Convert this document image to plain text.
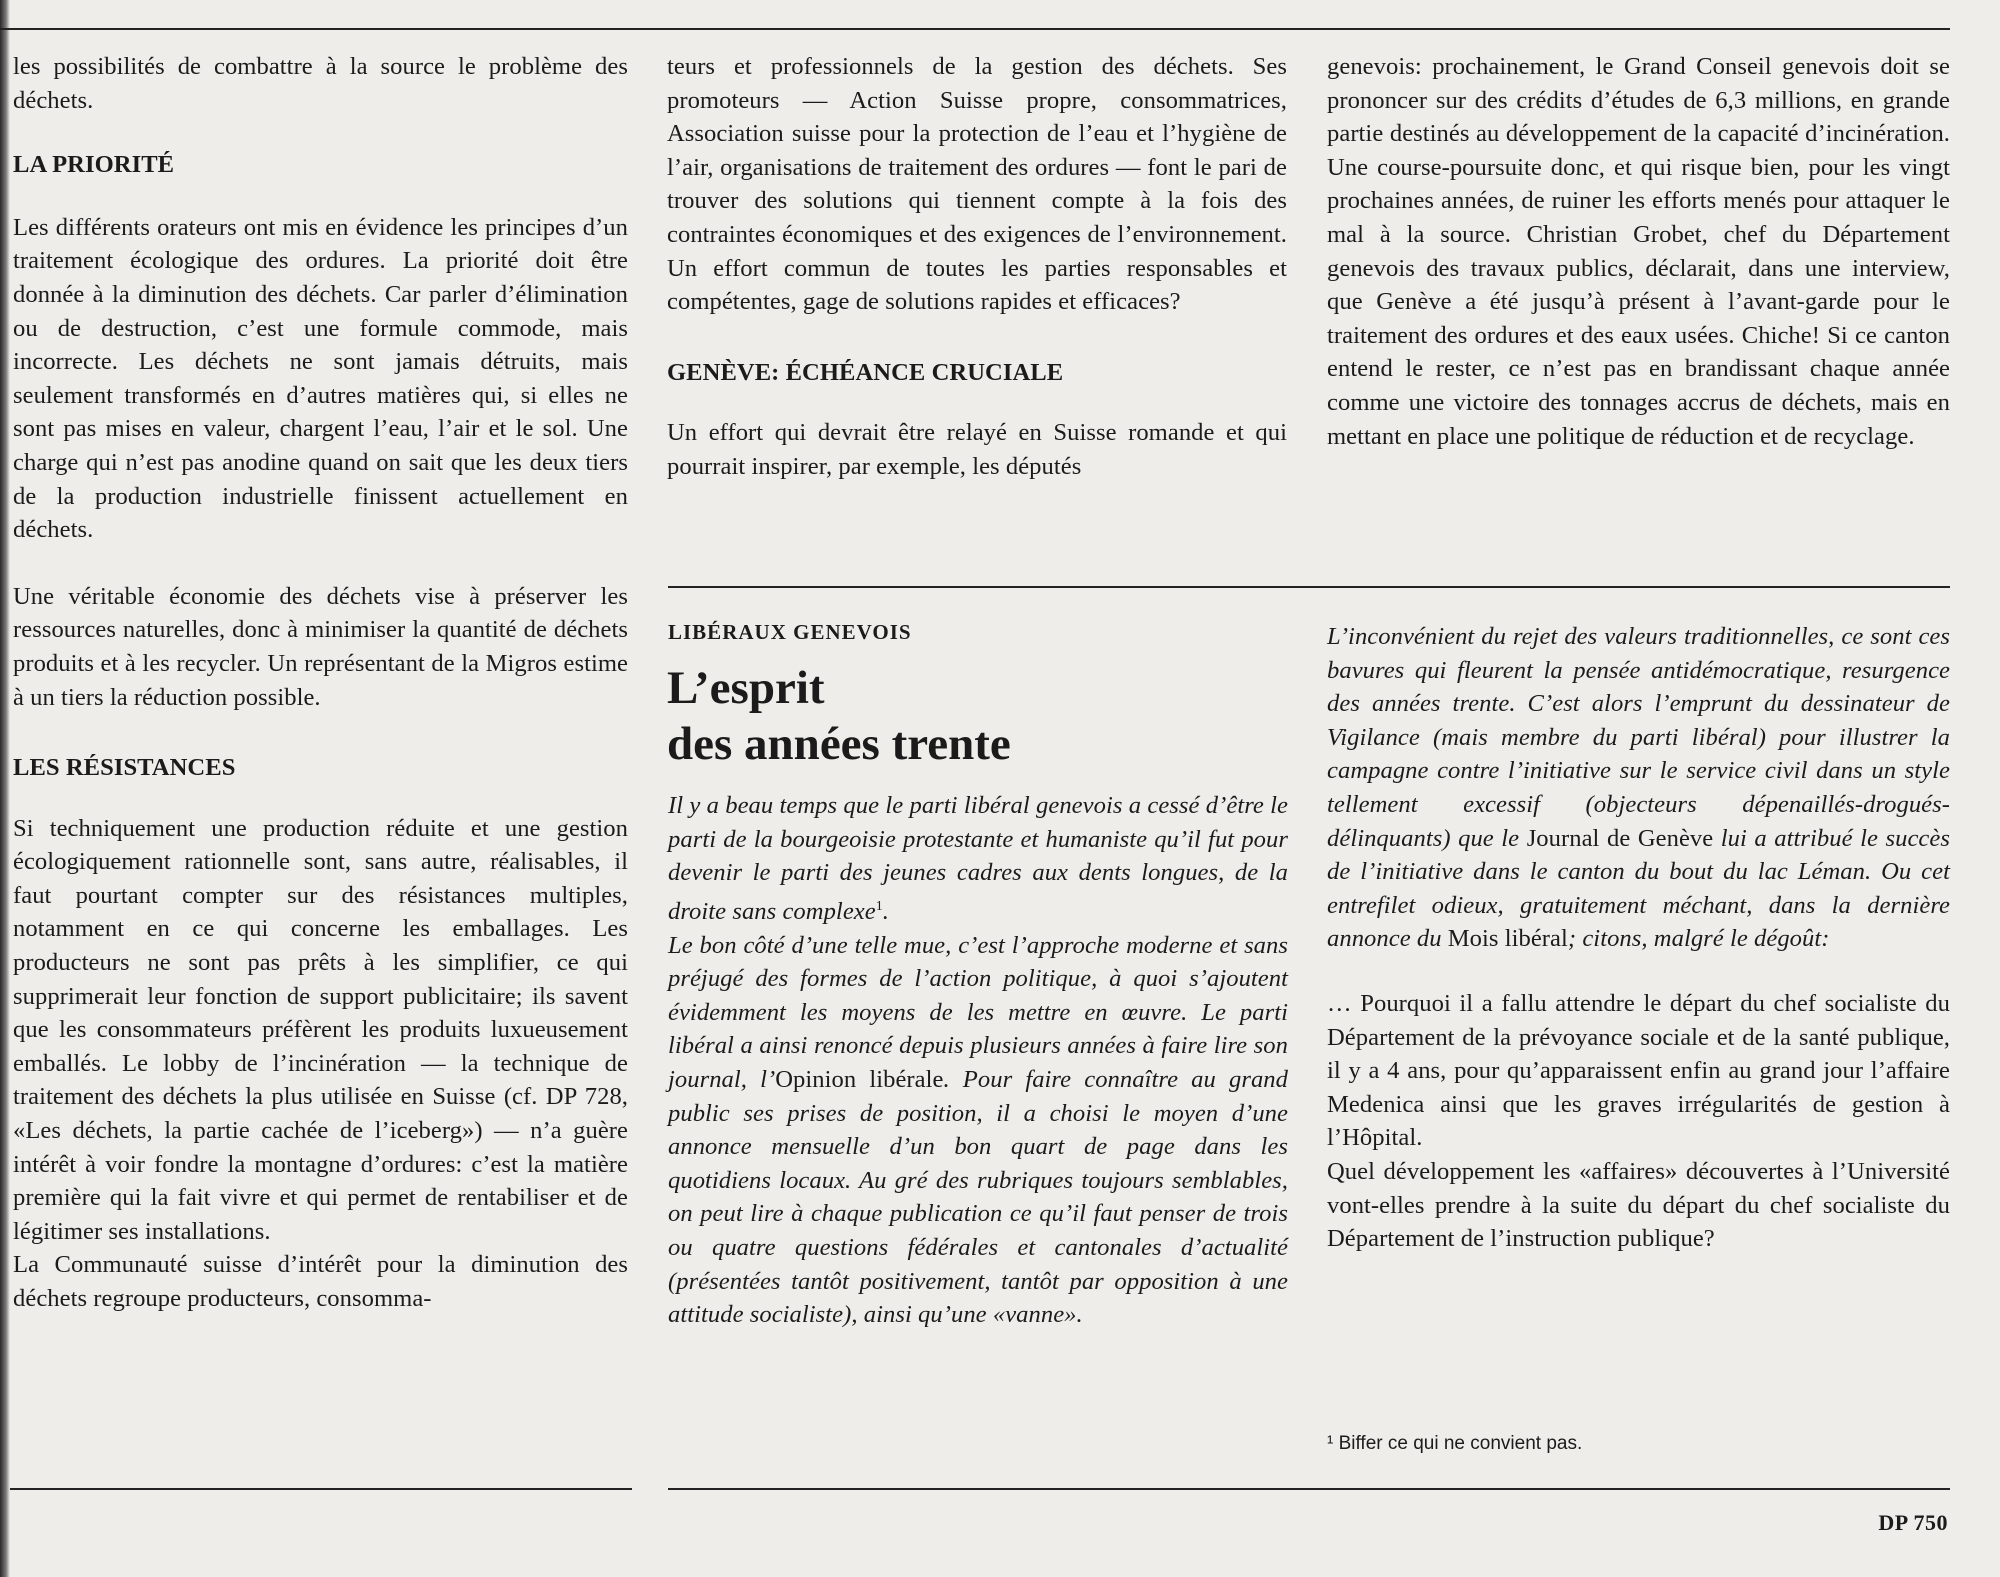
les possibilités de combattre à la source le problème des déchets.

LA PRIORITÉ

Les différents orateurs ont mis en évidence les principes d’un traitement écologique des ordures. La priorité doit être donnée à la diminution des déchets. Car parler d’élimination ou de destruction, c’est une formule commode, mais incorrecte. Les déchets ne sont jamais détruits, mais seulement transformés en d’autres matières qui, si elles ne sont pas mises en valeur, chargent l’eau, l’air et le sol. Une charge qui n’est pas anodine quand on sait que les deux tiers de la production industrielle finissent actuellement en déchets.

Une véritable économie des déchets vise à préserver les ressources naturelles, donc à minimiser la quantité de déchets produits et à les recycler. Un représentant de la Migros estime à un tiers la réduction possible.

LES RÉSISTANCES

Si techniquement une production réduite et une gestion écologiquement rationnelle sont, sans autre, réalisables, il faut pourtant compter sur des résistances multiples, notamment en ce qui concerne les emballages. Les producteurs ne sont pas prêts à les simplifier, ce qui supprimerait leur fonction de support publicitaire; ils savent que les consommateurs préfèrent les produits luxueusement emballés. Le lobby de l’incinération — la technique de traitement des déchets la plus utilisée en Suisse (cf. DP 728, «Les déchets, la partie cachée de l’iceberg») — n’a guère intérêt à voir fondre la montagne d’ordures: c’est la matière première qui la fait vivre et qui permet de rentabiliser et de légitimer ses installations.

La Communauté suisse d’intérêt pour la diminution des déchets regroupe producteurs, consomma-

teurs et professionnels de la gestion des déchets. Ses promoteurs — Action Suisse propre, consommatrices, Association suisse pour la protection de l’eau et l’hygiène de l’air, organisations de traitement des ordures — font le pari de trouver des solutions qui tiennent compte à la fois des contraintes économiques et des exigences de l’environnement. Un effort commun de toutes les parties responsables et compétentes, gage de solutions rapides et efficaces?

GENÈVE: ÉCHÉANCE CRUCIALE

Un effort qui devrait être relayé en Suisse romande et qui pourrait inspirer, par exemple, les députés

genevois: prochainement, le Grand Conseil genevois doit se prononcer sur des crédits d’études de 6,3 millions, en grande partie destinés au développement de la capacité d’incinération. Une course-poursuite donc, et qui risque bien, pour les vingt prochaines années, de ruiner les efforts menés pour attaquer le mal à la source. Christian Grobet, chef du Département genevois des travaux publics, déclarait, dans une interview, que Genève a été jusqu’à présent à l’avant-garde pour le traitement des ordures et des eaux usées. Chiche! Si ce canton entend le rester, ce n’est pas en brandissant chaque année comme une victoire des tonnages accrus de déchets, mais en mettant en place une politique de réduction et de recyclage.

LIBÉRAUX GENEVOIS

L’esprit
des années trente

Il y a beau temps que le parti libéral genevois a cessé d’être le parti de la bourgeoisie protestante et humaniste qu’il fut pour devenir le parti des jeunes cadres aux dents longues, de la droite sans complexe$^1$.

Le bon côté d’une telle mue, c’est l’approche moderne et sans préjugé des formes de l’action politique, à quoi s’ajoutent évidemment les moyens de les mettre en œuvre. Le parti libéral a ainsi renoncé depuis plusieurs années à faire lire son journal, l’Opinion libérale. Pour faire connaître au grand public ses prises de position, il a choisi le moyen d’une annonce mensuelle d’un bon quart de page dans les quotidiens locaux. Au gré des rubriques toujours semblables, on peut lire à chaque publication ce qu’il faut penser de trois ou quatre questions fédérales et cantonales d’actualité (présentées tantôt positivement, tantôt par opposition à une attitude socialiste), ainsi qu’une «vanne».

L’inconvénient du rejet des valeurs traditionnelles, ce sont ces bavures qui fleurent la pensée antidémocratique, resurgence des années trente. C’est alors l’emprunt du dessinateur de Vigilance (mais membre du parti libéral) pour illustrer la campagne contre l’initiative sur le service civil dans un style tellement excessif (objecteurs dépenaillés-drogués-délinquants) que le Journal de Genève lui a attribué le succès de l’initiative dans le canton du bout du lac Léman. Ou cet entrefilet odieux, gratuitement méchant, dans la dernière annonce du Mois libéral; citons, malgré le dégoût:

… Pourquoi il a fallu attendre le départ du chef socialiste du Département de la prévoyance sociale et de la santé publique, il y a 4 ans, pour qu’apparaissent enfin au grand jour l’affaire Medenica ainsi que les graves irrégularités de gestion à l’Hôpital.

Quel développement les «affaires» découvertes à l’Université vont-elles prendre à la suite du départ du chef socialiste du Département de l’instruction publique?

¹ Biffer ce qui ne convient pas.

DP 750
